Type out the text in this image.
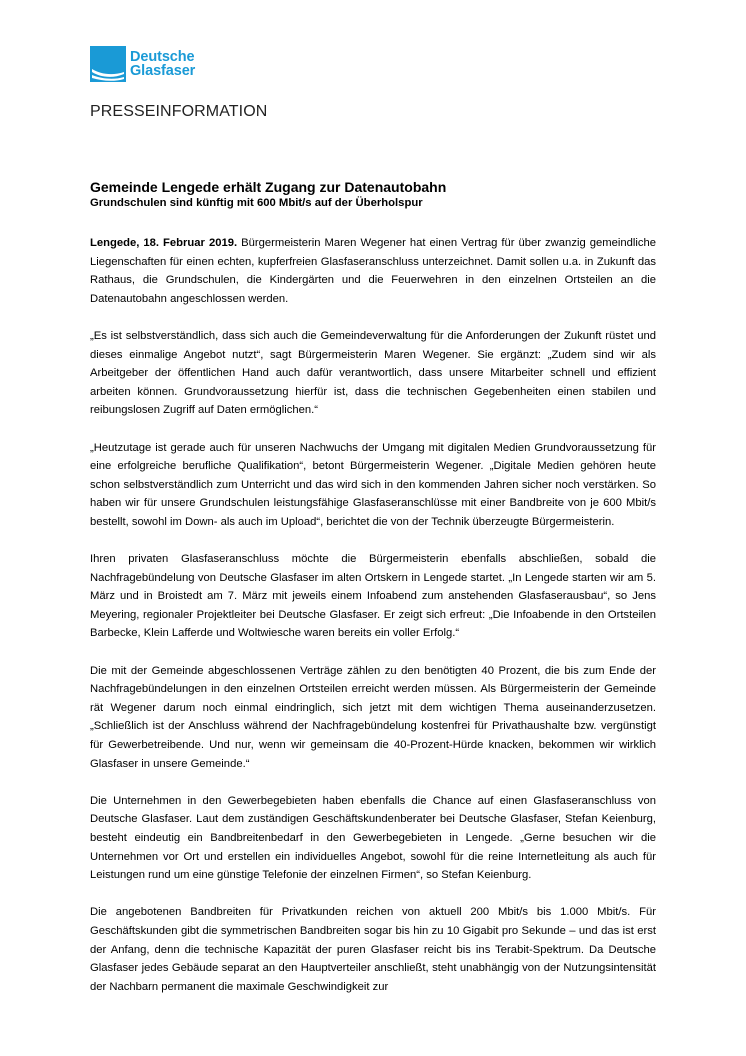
Deutsche
Glasfaser
PRESSEINFORMATION
Gemeinde Lengede erhält Zugang zur Datenautobahn
Grundschulen sind künftig mit 600 Mbit/s auf der Überholspur

Lengede, 18. Februar 2019. Bürgermeisterin Maren Wegener hat einen Vertrag für über zwanzig gemeindliche Liegenschaften für einen echten, kupferfreien Glasfaseranschluss unterzeichnet. Damit sollen u.a. in Zukunft das Rathaus, die Grundschulen, die Kindergärten und die Feuerwehren in den einzelnen Ortsteilen an die Datenautobahn angeschlossen werden.

„Es ist selbstverständlich, dass sich auch die Gemeindeverwaltung für die Anforderungen der Zukunft rüstet und dieses einmalige Angebot nutzt“, sagt Bürgermeisterin Maren Wegener. Sie ergänzt: „Zudem sind wir als Arbeitgeber der öffentlichen Hand auch dafür verantwortlich, dass unsere Mitarbeiter schnell und effizient arbeiten können. Grundvoraussetzung hierfür ist, dass die technischen Gegebenheiten einen stabilen und reibungslosen Zugriff auf Daten ermöglichen.“

„Heutzutage ist gerade auch für unseren Nachwuchs der Umgang mit digitalen Medien Grundvoraussetzung für eine erfolgreiche berufliche Qualifikation“, betont Bürgermeisterin Wegener. „Digitale Medien gehören heute schon selbstverständlich zum Unterricht und das wird sich in den kommenden Jahren sicher noch verstärken. So haben wir für unsere Grundschulen leistungsfähige Glasfaseranschlüsse mit einer Bandbreite von je 600 Mbit/s bestellt, sowohl im Down- als auch im Upload“, berichtet die von der Technik überzeugte Bürgermeisterin.

Ihren privaten Glasfaseranschluss möchte die Bürgermeisterin ebenfalls abschließen, sobald die Nachfragebündelung von Deutsche Glasfaser im alten Ortskern in Lengede startet. „In Lengede starten wir am 5. März und in Broistedt am 7. März mit jeweils einem Infoabend zum anstehenden Glasfaserausbau“, so Jens Meyering, regionaler Projektleiter bei Deutsche Glasfaser. Er zeigt sich erfreut: „Die Infoabende in den Ortsteilen Barbecke, Klein Lafferde und Woltwiesche waren bereits ein voller Erfolg.“

Die mit der Gemeinde abgeschlossenen Verträge zählen zu den benötigten 40 Prozent, die bis zum Ende der Nachfragebündelungen in den einzelnen Ortsteilen erreicht werden müssen. Als Bürgermeisterin der Gemeinde rät Wegener darum noch einmal eindringlich, sich jetzt mit dem wichtigen Thema auseinanderzusetzen. „Schließlich ist der Anschluss während der Nachfragebündelung kostenfrei für Privathaushalte bzw. vergünstigt für Gewerbetreibende. Und nur, wenn wir gemeinsam die 40-Prozent-Hürde knacken, bekommen wir wirklich Glasfaser in unsere Gemeinde.“

Die Unternehmen in den Gewerbegebieten haben ebenfalls die Chance auf einen Glasfaseranschluss von Deutsche Glasfaser. Laut dem zuständigen Geschäftskundenberater bei Deutsche Glasfaser, Stefan Keienburg, besteht eindeutig ein Bandbreitenbedarf in den Gewerbegebieten in Lengede. „Gerne besuchen wir die Unternehmen vor Ort und erstellen ein individuelles Angebot, sowohl für die reine Internetleitung als auch für Leistungen rund um eine günstige Telefonie der einzelnen Firmen“, so Stefan Keienburg.

Die angebotenen Bandbreiten für Privatkunden reichen von aktuell 200 Mbit/s bis 1.000 Mbit/s. Für Geschäftskunden gibt die symmetrischen Bandbreiten sogar bis hin zu 10 Gigabit pro Sekunde – und das ist erst der Anfang, denn die technische Kapazität der puren Glasfaser reicht bis ins Terabit-Spektrum. Da Deutsche Glasfaser jedes Gebäude separat an den Hauptverteiler anschließt, steht unabhängig von der Nutzungsintensität der Nachbarn permanent die maximale Geschwindigkeit zur
